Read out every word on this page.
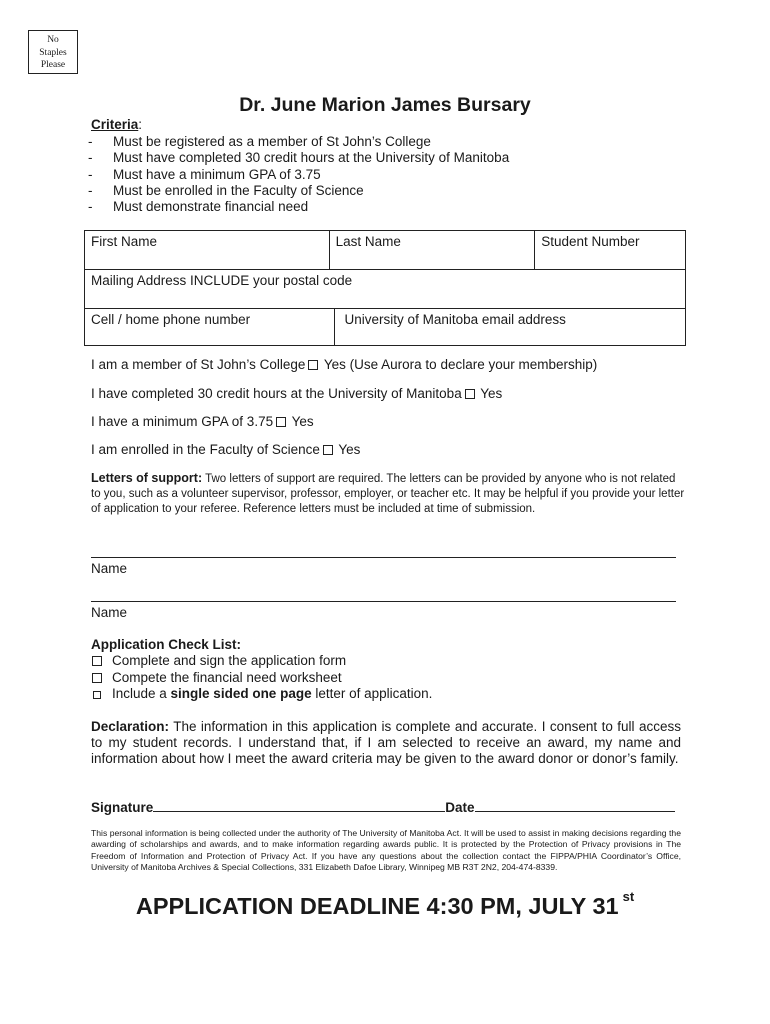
No
Staples
Please
Dr. June Marion James Bursary
Criteria:
- Must be registered as a member of St John’s College
- Must have completed 30 credit hours at the University of Manitoba
- Must have a minimum GPA of 3.75
- Must be enrolled in the Faculty of Science
- Must demonstrate financial need
First Name	Last Name		Student Number
Mailing Address INCLUDE your postal code			
Cell / home phone number		University of Manitoba email address	
I am a member of St John’s College Yes (Use Aurora to declare your membership)
I have completed 30 credit hours at the University of Manitoba Yes
I have a minimum GPA of 3.75 Yes
I am enrolled in the Faculty of Science Yes
Letters of support: Two letters of support are required. The letters can be provided by anyone who is not related to you, such as a volunteer supervisor, professor, employer, or teacher etc. It may be helpful if you provide your letter of application to your referee. Reference letters must be included at time of submission.
Name
Name
Application Check List:
Complete and sign the application form
Compete the financial need worksheet
Include a single sided one page letter of application.
Declaration: The information in this application is complete and accurate. I consent to full access to my student records. I understand that, if I am selected to receive an award, my name and information about how I meet the award criteria may be given to the award donor or donor’s family.
Signature	Date
This personal information is being collected under the authority of The University of Manitoba Act. It will be used to assist in making decisions regarding the awarding of scholarships and awards, and to make information regarding awards public. It is protected by the Protection of Privacy provisions in The Freedom of Information and Protection of Privacy Act. If you have any questions about the collection contact the FIPPA/PHIA Coordinator’s Office, University of Manitoba Archives & Special Collections, 331 Elizabeth Dafoe Library, Winnipeg MB R3T 2N2, 204-474-8339.
APPLICATION DEADLINE 4:30 PM, JULY 31 $^{st}$
